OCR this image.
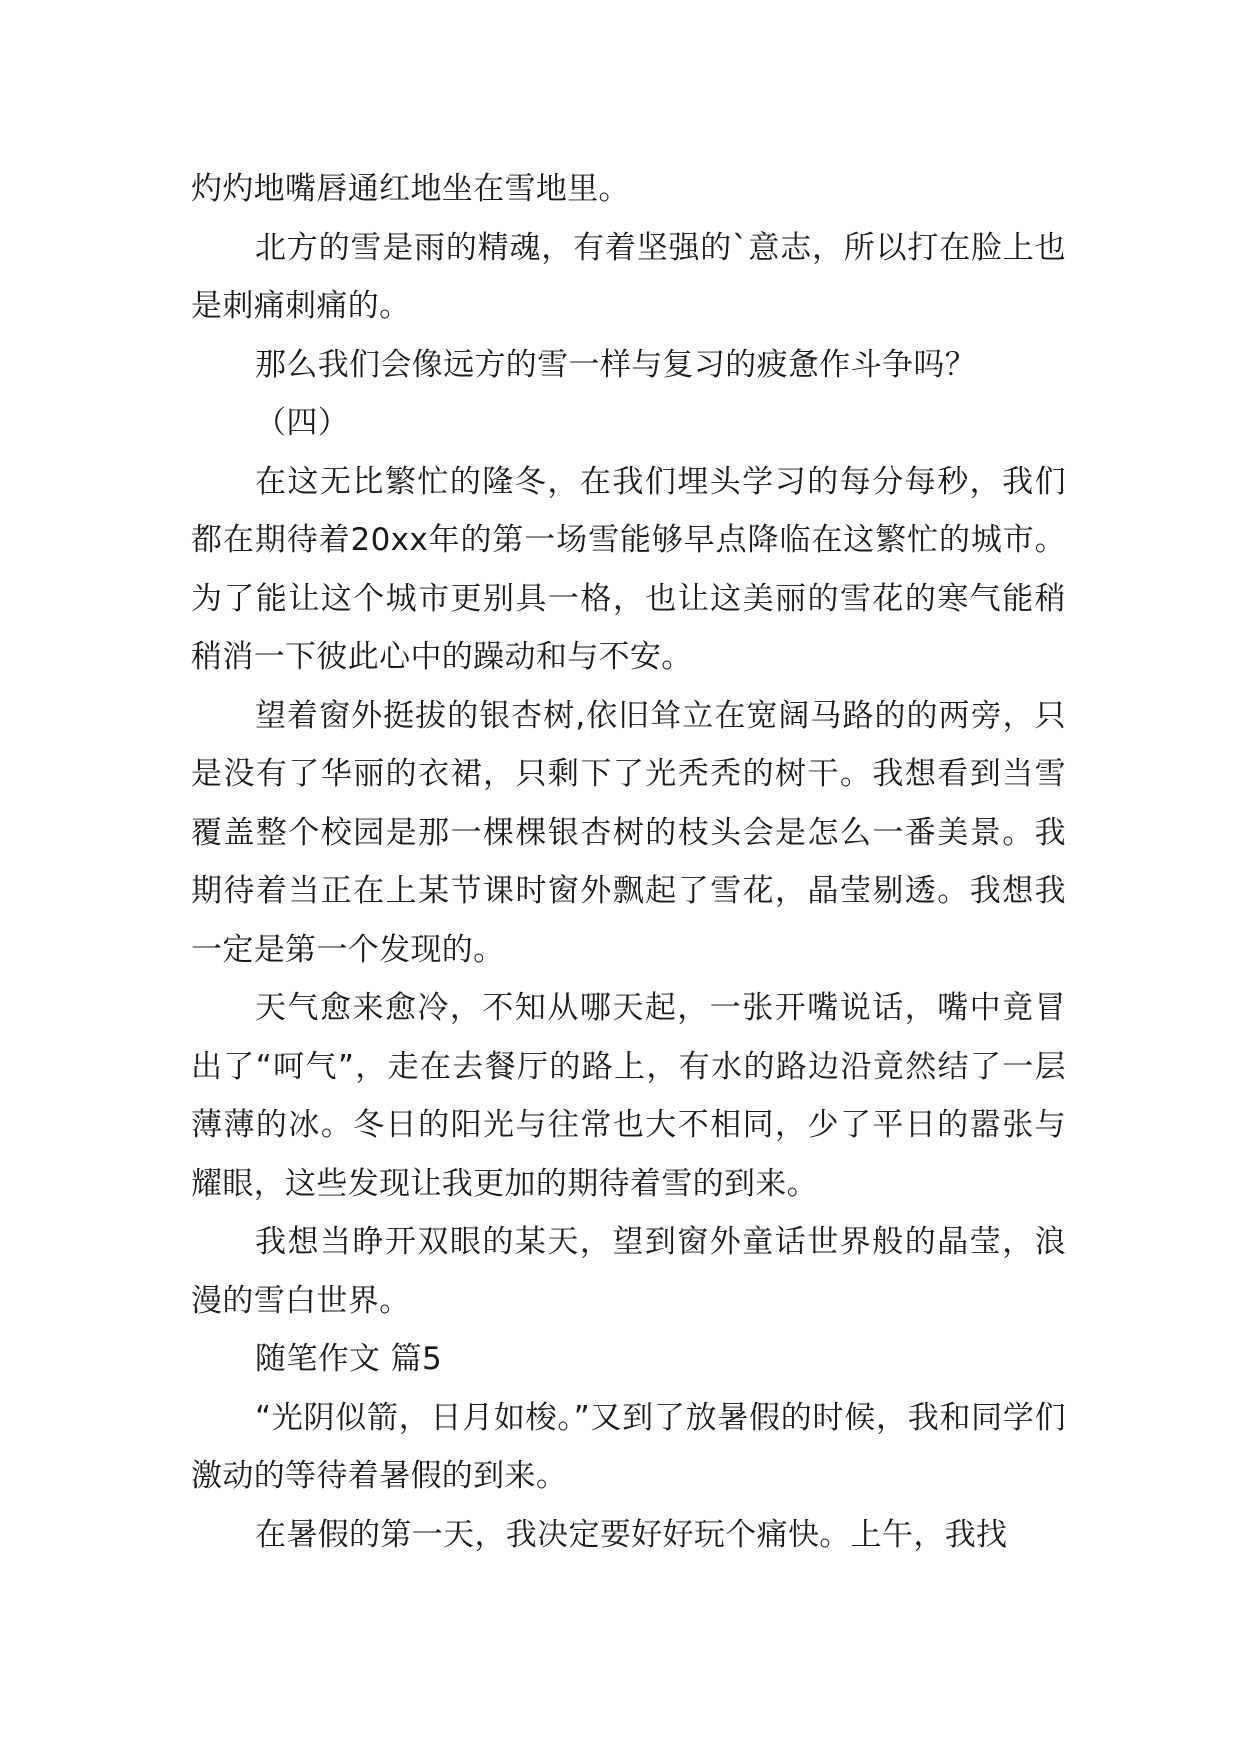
灼灼地嘴唇通红地坐在雪地里。

北方的雪是雨的精魂，有着坚强的`意志，所以打在脸上也是刺痛刺痛的。

那么我们会像远方的雪一样与复习的疲惫作斗争吗？

（四）

在这无比繁忙的隆冬，在我们埋头学习的每分每秒，我们都在期待着20xx年的第一场雪能够早点降临在这繁忙的城市。为了能让这个城市更别具一格，也让这美丽的雪花的寒气能稍稍消一下彼此心中的躁动和与不安。

望着窗外挺拔的银杏树,依旧耸立在宽阔马路的的两旁，只是没有了华丽的衣裙，只剩下了光秃秃的树干。我想看到当雪覆盖整个校园是那一棵棵银杏树的枝头会是怎么一番美景。我期待着当正在上某节课时窗外飘起了雪花，晶莹剔透。我想我一定是第一个发现的。

天气愈来愈冷，不知从哪天起，一张开嘴说话，嘴中竟冒出了“呵气”，走在去餐厅的路上，有水的路边沿竟然结了一层薄薄的冰。冬日的阳光与往常也大不相同，少了平日的嚣张与耀眼，这些发现让我更加的期待着雪的到来。

我想当睁开双眼的某天，望到窗外童话世界般的晶莹，浪漫的雪白世界。

随笔作文 篇5

“光阴似箭，日月如梭。”又到了放暑假的时候，我和同学们激动的等待着暑假的到来。

在暑假的第一天，我决定要好好玩个痛快。上午，我找
